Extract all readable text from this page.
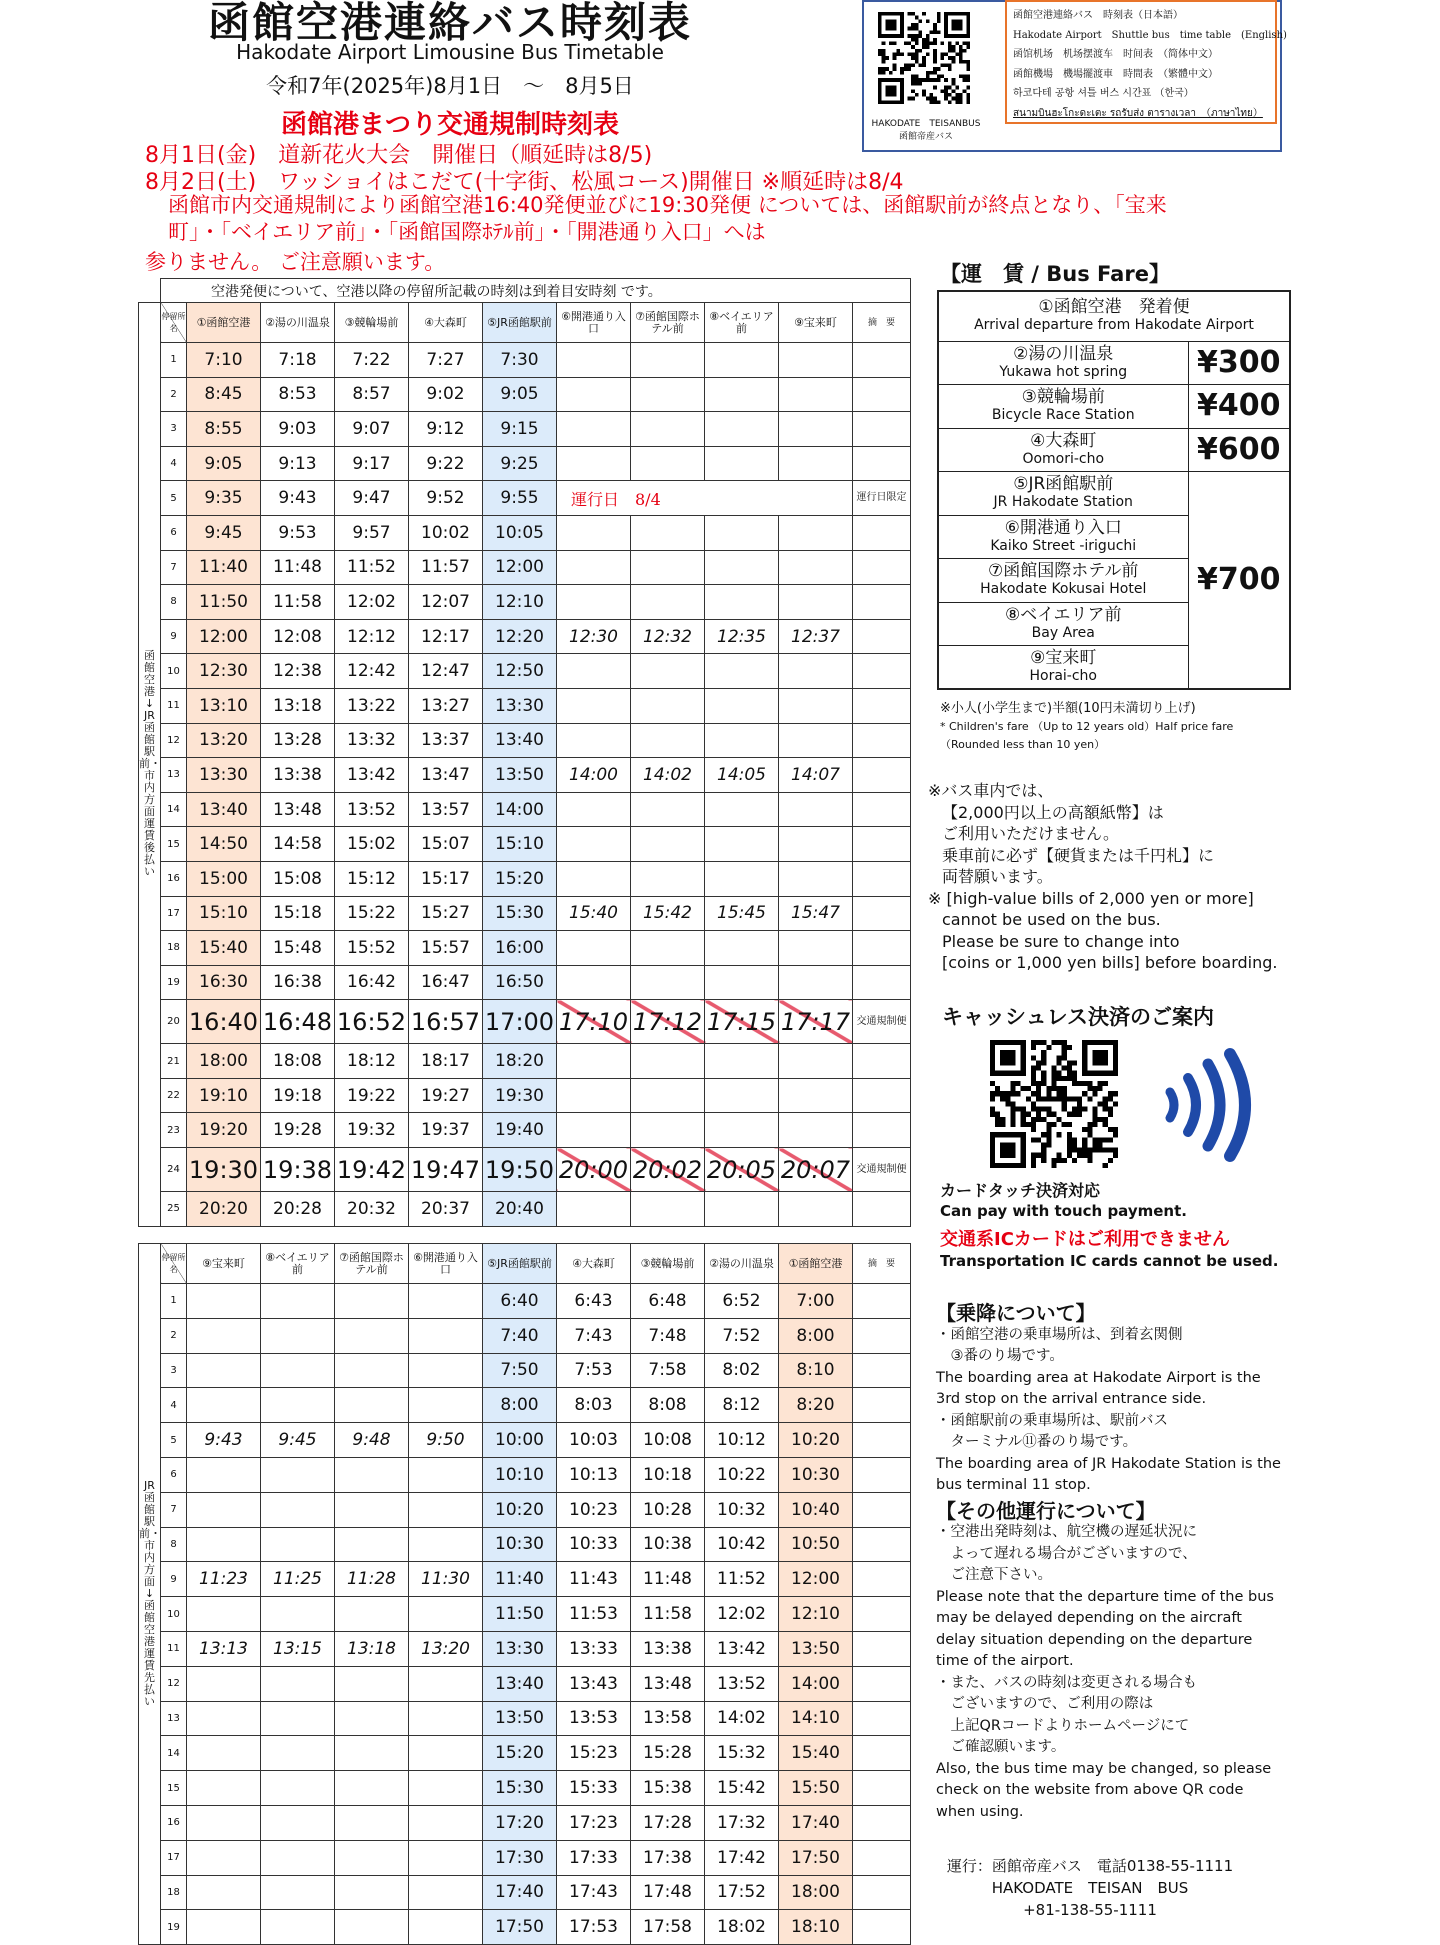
函館空港連絡バス時刻表
Hakodate Airport Limousine Bus Timetable
令和7年(2025年)8月1日　～　8月5日
函館港まつり交通規制時刻表
8月1日(金)　道新花火大会　開催日（順延時は8/5)
8月2日(土)　ワッショイはこだて(十字街、松風コース)開催日 ※順延時は8/4
函館市内交通規制により函館空港16:40発便並びに19:30発便 については、函館駅前が終点となり、「宝来町」・「ベイエリア前」・「函館国際ﾎﾃﾙ前」・「開港通り入口」へは
参りません。 ご注意願います。
HAKODATE　TEISANBUS
函館帝産バス
函館空港連絡バス　時刻表（日本語）
Hakodate Airport　Shuttle bus　time table　(English)
函馆机场　机场摆渡车　时间表　（简体中文）
函館機場　機場擺渡車　時間表　（繁體中文）
하코다테 공항 셔틀 버스 시간표 （한국）
สนามบินฮะโกะดะเตะ รถรับส่ง ตารางเวลา　（ภาษาไทย）
	空港発便について、空港以降の停留所記載の時刻は到着目安時刻 です。										
函館空港　↓　JR函館駅前・市内方面　運賃　後払い	停留所名	①函館空港	②湯の川温泉	③競輪場前	④大森町	⑤JR函館駅前	⑥開港通り入口	⑦函館国際ホテル前	⑧ベイエリア前	⑨宝来町	摘　要
	1	7:10	7:18	7:22	7:27	7:30					
	2	8:45	8:53	8:57	9:02	9:05					
	3	8:55	9:03	9:07	9:12	9:15					
	4	9:05	9:13	9:17	9:22	9:25					
	5	9:35	9:43	9:47	9:52	9:55	運行日　8/4				運行日限定
	6	9:45	9:53	9:57	10:02	10:05					
	7	11:40	11:48	11:52	11:57	12:00					
	8	11:50	11:58	12:02	12:07	12:10					
	9	12:00	12:08	12:12	12:17	12:20	12:30	12:32	12:35	12:37	
	10	12:30	12:38	12:42	12:47	12:50					
	11	13:10	13:18	13:22	13:27	13:30					
	12	13:20	13:28	13:32	13:37	13:40					
	13	13:30	13:38	13:42	13:47	13:50	14:00	14:02	14:05	14:07	
	14	13:40	13:48	13:52	13:57	14:00					
	15	14:50	14:58	15:02	15:07	15:10					
	16	15:00	15:08	15:12	15:17	15:20					
	17	15:10	15:18	15:22	15:27	15:30	15:40	15:42	15:45	15:47	
	18	15:40	15:48	15:52	15:57	16:00					
	19	16:30	16:38	16:42	16:47	16:50					
	20	16:40	16:48	16:52	16:57	17:00	17:10	17:12	17:15	17:17	交通規制便
	21	18:00	18:08	18:12	18:17	18:20					
	22	19:10	19:18	19:22	19:27	19:30					
	23	19:20	19:28	19:32	19:37	19:40					
	24	19:30	19:38	19:42	19:47	19:50	20:00	20:02	20:05	20:07	交通規制便
	25	20:20	20:28	20:32	20:37	20:40					
JR函館駅前・市内方面　↓　函館空港　運賃　先払い	停留所名	⑨宝来町	⑧ベイエリア前	⑦函館国際ホテル前	⑥開港通り入口	⑤JR函館駅前	④大森町	③競輪場前	②湯の川温泉	①函館空港	摘　要
	1					6:40	6:43	6:48	6:52	7:00	
	2					7:40	7:43	7:48	7:52	8:00	
	3					7:50	7:53	7:58	8:02	8:10	
	4					8:00	8:03	8:08	8:12	8:20	
	5	9:43	9:45	9:48	9:50	10:00	10:03	10:08	10:12	10:20	
	6					10:10	10:13	10:18	10:22	10:30	
	7					10:20	10:23	10:28	10:32	10:40	
	8					10:30	10:33	10:38	10:42	10:50	
	9	11:23	11:25	11:28	11:30	11:40	11:43	11:48	11:52	12:00	
	10					11:50	11:53	11:58	12:02	12:10	
	11	13:13	13:15	13:18	13:20	13:30	13:33	13:38	13:42	13:50	
	12					13:40	13:43	13:48	13:52	14:00	
	13					13:50	13:53	13:58	14:02	14:10	
	14					15:20	15:23	15:28	15:32	15:40	
	15					15:30	15:33	15:38	15:42	15:50	
	16					17:20	17:23	17:28	17:32	17:40	
	17					17:30	17:33	17:38	17:42	17:50	
	18					17:40	17:43	17:48	17:52	18:00	
	19					17:50	17:53	17:58	18:02	18:10	
【運　賃 / Bus Fare】
①函館空港　発着便
Arrival departure from Hakodate Airport	

②湯の川温泉
Yukawa hot spring	¥300

③競輪場前
Bicycle Race Station	¥400

④大森町
Oomori-cho	¥600

⑤JR函館駅前
JR Hakodate Station	¥700

⑥開港通り入口
Kaiko Street -iriguchi	

⑦函館国際ホテル前
Hakodate Kokusai Hotel	

⑧ベイエリア前
Bay Area	

⑨宝来町
Horai-cho	
※小人(小学生まで)半額(10円未満切り上げ)
* Children's fare （Up to 12 years old）Half price fare
（Rounded less than 10 yen）
※バス車内では、
【2,000円以上の高額紙幣】は
ご利用いただけません。
乗車前に必ず【硬貨または千円札】に
両替願います。
※ [high-value bills of 2,000 yen or more]
cannot be used on the bus.
Please be sure to change into
[coins or 1,000 yen bills] before boarding.
キャッシュレス決済のご案内
カードタッチ決済対応
Can pay with touch payment.
交通系ICカードはご利用できません
Transportation IC cards cannot be used.
【乗降について】
・函館空港の乗車場所は、到着玄関側
　③番のり場です。
The boarding area at Hakodate Airport is the
3rd stop on the arrival entrance side.
・函館駅前の乗車場所は、駅前バス
　ターミナル⑪番のり場です。
The boarding area of JR Hakodate Station is the
bus terminal 11 stop.
【その他運行について】
・空港出発時刻は、航空機の遅延状況に
　よって遅れる場合がございますので、
　ご注意下さい。
Please note that the departure time of the bus
may be delayed depending on the aircraft
delay situation depending on the departure
time of the airport.
・また、バスの時刻は変更される場合も
　ございますので、ご利用の際は
　上記QRコードよりホームページにて
　ご確認願います。
Also, the bus time may be changed, so please
check on the website from above QR code
when using.
運行：函館帝産バス　電話0138-55-1111
HAKODATE　TEISAN　BUS
+81-138-55-1111
